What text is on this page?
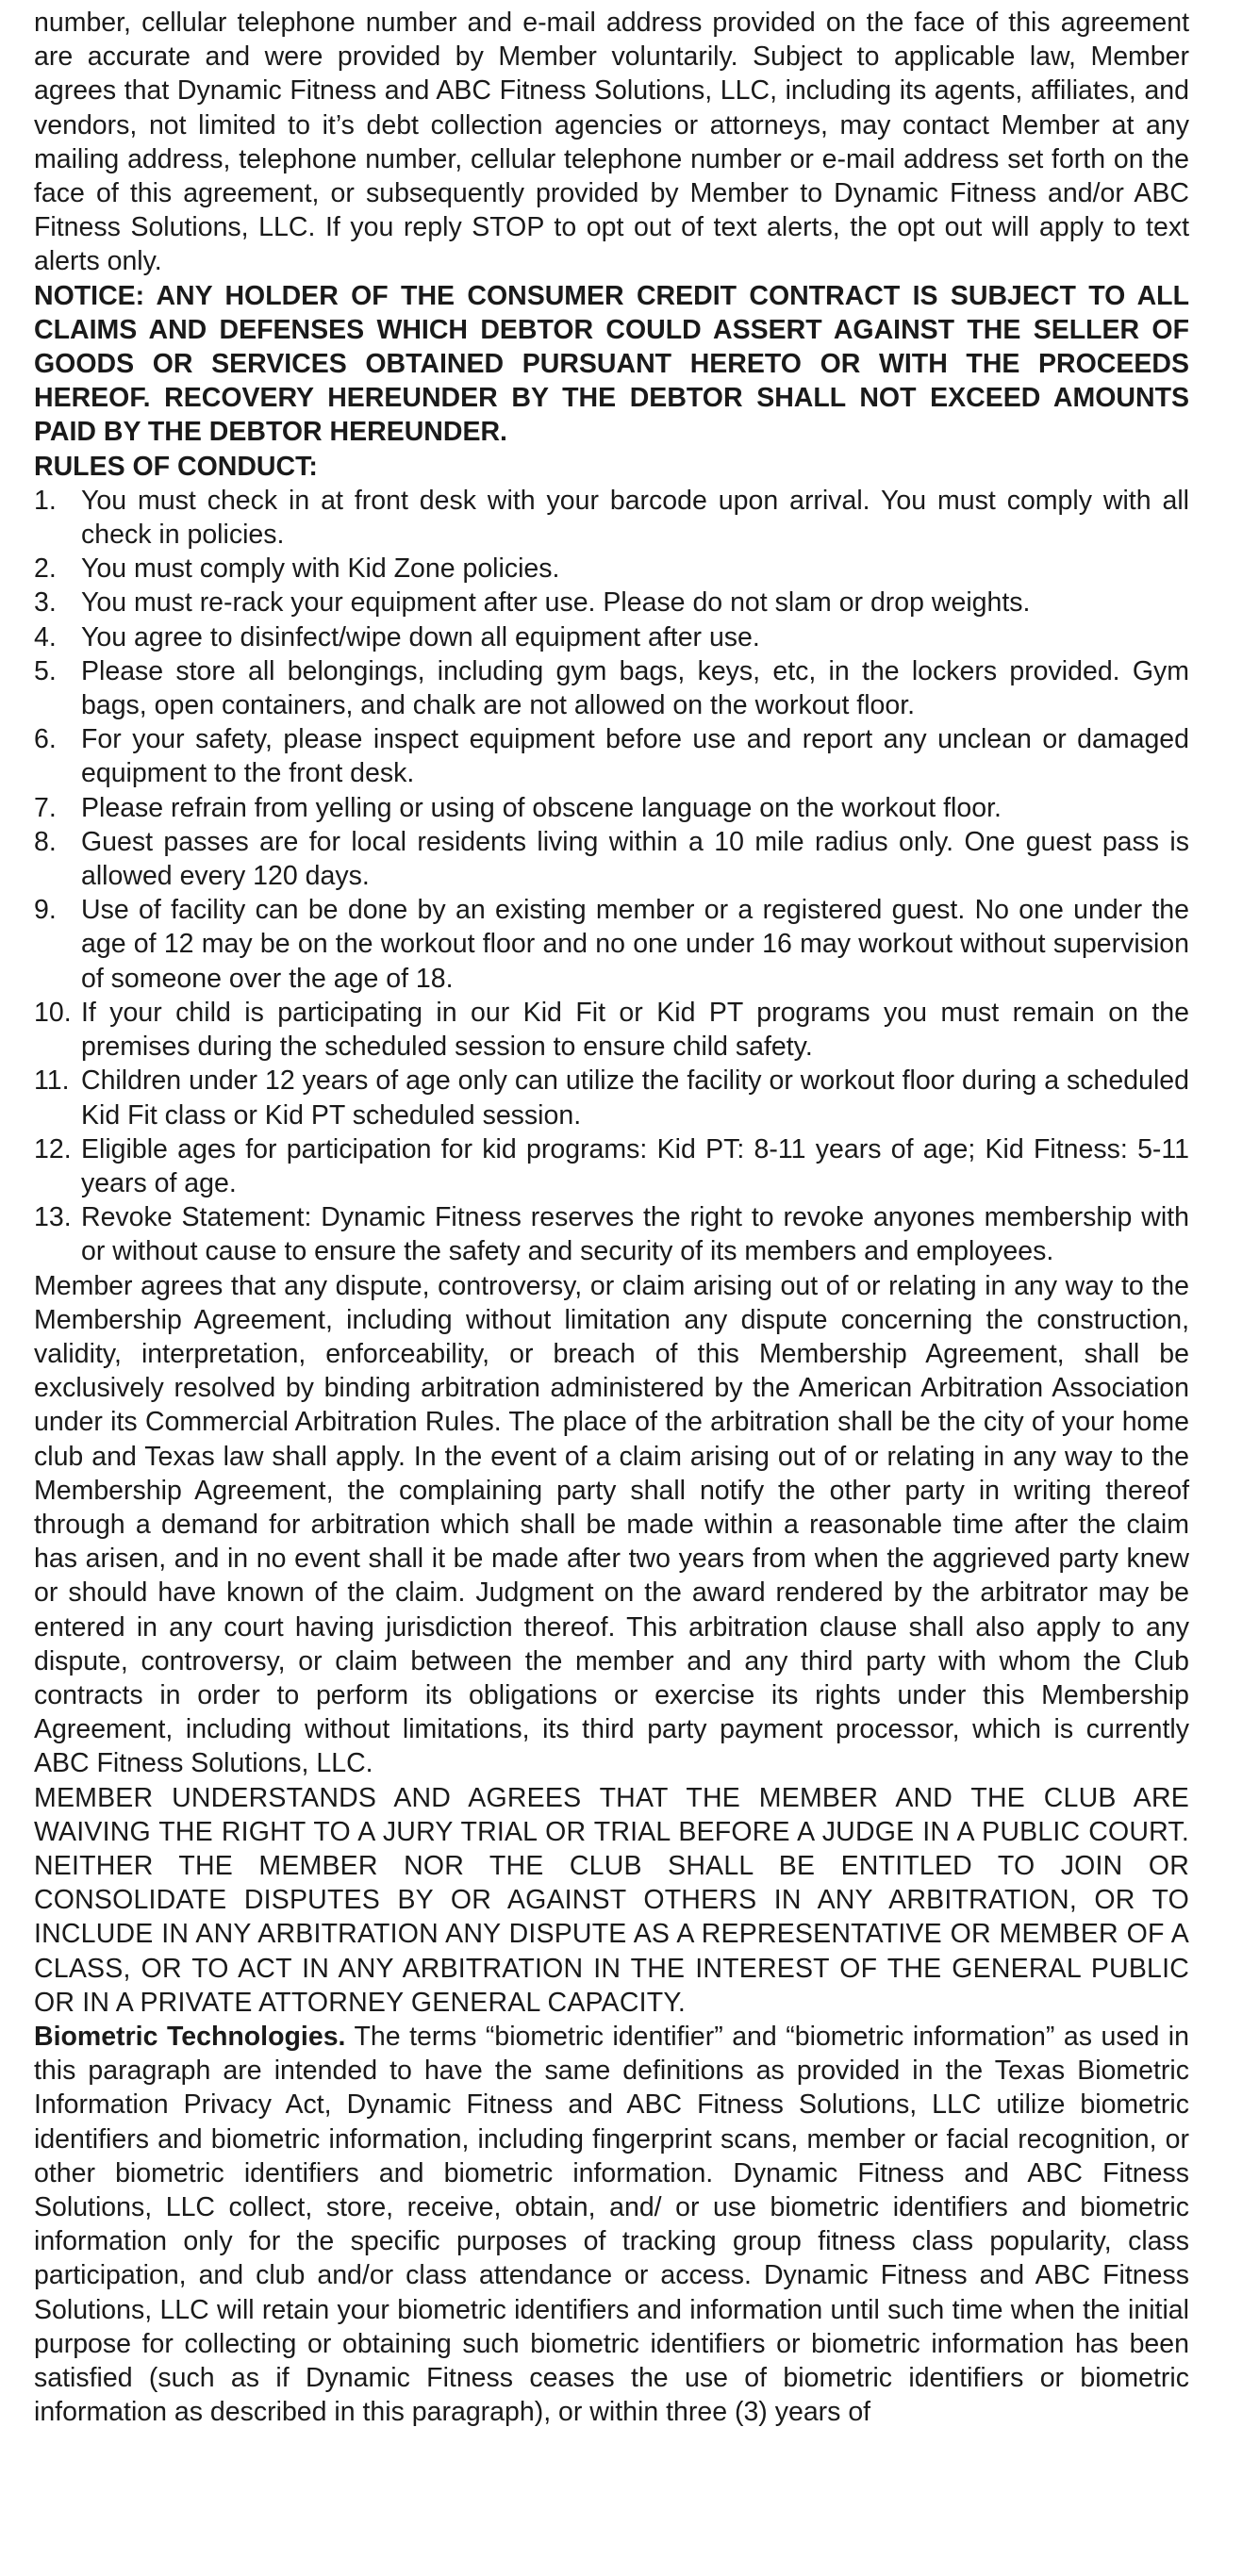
number, cellular telephone number and e-mail address provided on the face of this agreement are accurate and were provided by Member voluntarily. Subject to applicable law, Member agrees that Dynamic Fitness and ABC Fitness Solutions, LLC, including its agents, affiliates, and vendors, not limited to it’s debt collection agencies or attorneys, may contact Member at any mailing address, telephone number, cellular telephone number or e-mail address set forth on the face of this agreement, or subsequently provided by Member to Dynamic Fitness and/or ABC Fitness Solutions, LLC. If you reply STOP to opt out of text alerts, the opt out will apply to text alerts only.

NOTICE: ANY HOLDER OF THE CONSUMER CREDIT CONTRACT IS SUBJECT TO ALL CLAIMS AND DEFENSES WHICH DEBTOR COULD ASSERT AGAINST THE SELLER OF GOODS OR SERVICES OBTAINED PURSUANT HERETO OR WITH THE PROCEEDS HEREOF. RECOVERY HEREUNDER BY THE DEBTOR SHALL NOT EXCEED AMOUNTS PAID BY THE DEBTOR HEREUNDER.

RULES OF CONDUCT:

1. You must check in at front desk with your barcode upon arrival. You must comply with all check in policies.
2. You must comply with Kid Zone policies.
3. You must re-rack your equipment after use. Please do not slam or drop weights.
4. You agree to disinfect/wipe down all equipment after use.
5. Please store all belongings, including gym bags, keys, etc, in the lockers provided. Gym bags, open containers, and chalk are not allowed on the workout floor.
6. For your safety, please inspect equipment before use and report any unclean or damaged equipment to the front desk.
7. Please refrain from yelling or using of obscene language on the workout floor.
8. Guest passes are for local residents living within a 10 mile radius only. One guest pass is allowed every 120 days.
9. Use of facility can be done by an existing member or a registered guest. No one under the age of 12 may be on the workout floor and no one under 16 may workout without supervision of someone over the age of 18.
10. If your child is participating in our Kid Fit or Kid PT programs you must remain on the premises during the scheduled session to ensure child safety.
11. Children under 12 years of age only can utilize the facility or workout floor during a scheduled Kid Fit class or Kid PT scheduled session.
12. Eligible ages for participation for kid programs: Kid PT: 8-11 years of age; Kid Fitness: 5-11 years of age.
13. Revoke Statement: Dynamic Fitness reserves the right to revoke anyones membership with or without cause to ensure the safety and security of its members and employees.

Member agrees that any dispute, controversy, or claim arising out of or relating in any way to the Membership Agreement, including without limitation any dispute concerning the construction, validity, interpretation, enforceability, or breach of this Membership Agreement, shall be exclusively resolved by binding arbitration administered by the American Arbitration Association under its Commercial Arbitration Rules. The place of the arbitration shall be the city of your home club and Texas law shall apply. In the event of a claim arising out of or relating in any way to the Membership Agreement, the complaining party shall notify the other party in writing thereof through a demand for arbitration which shall be made within a reasonable time after the claim has arisen, and in no event shall it be made after two years from when the aggrieved party knew or should have known of the claim. Judgment on the award rendered by the arbitrator may be entered in any court having jurisdiction thereof. This arbitration clause shall also apply to any dispute, controversy, or claim between the member and any third party with whom the Club contracts in order to perform its obligations or exercise its rights under this Membership Agreement, including without limitations, its third party payment processor, which is currently ABC Fitness Solutions, LLC.

MEMBER UNDERSTANDS AND AGREES THAT THE MEMBER AND THE CLUB ARE WAIVING THE RIGHT TO A JURY TRIAL OR TRIAL BEFORE A JUDGE IN A PUBLIC COURT. NEITHER THE MEMBER NOR THE CLUB SHALL BE ENTITLED TO JOIN OR CONSOLIDATE DISPUTES BY OR AGAINST OTHERS IN ANY ARBITRATION, OR TO INCLUDE IN ANY ARBITRATION ANY DISPUTE AS A REPRESENTATIVE OR MEMBER OF A CLASS, OR TO ACT IN ANY ARBITRATION IN THE INTEREST OF THE GENERAL PUBLIC OR IN A PRIVATE ATTORNEY GENERAL CAPACITY.

Biometric Technologies. The terms “biometric identifier” and “biometric information” as used in this paragraph are intended to have the same definitions as provided in the Texas Biometric Information Privacy Act, Dynamic Fitness and ABC Fitness Solutions, LLC utilize biometric identifiers and biometric information, including fingerprint scans, member or facial recognition, or other biometric identifiers and biometric information. Dynamic Fitness and ABC Fitness Solutions, LLC collect, store, receive, obtain, and/ or use biometric identifiers and biometric information only for the specific purposes of tracking group fitness class popularity, class participation, and club and/or class attendance or access. Dynamic Fitness and ABC Fitness Solutions, LLC will retain your biometric identifiers and information until such time when the initial purpose for collecting or obtaining such biometric identifiers or biometric information has been satisfied (such as if Dynamic Fitness ceases the use of biometric identifiers or biometric information as described in this paragraph), or within three (3) years of
